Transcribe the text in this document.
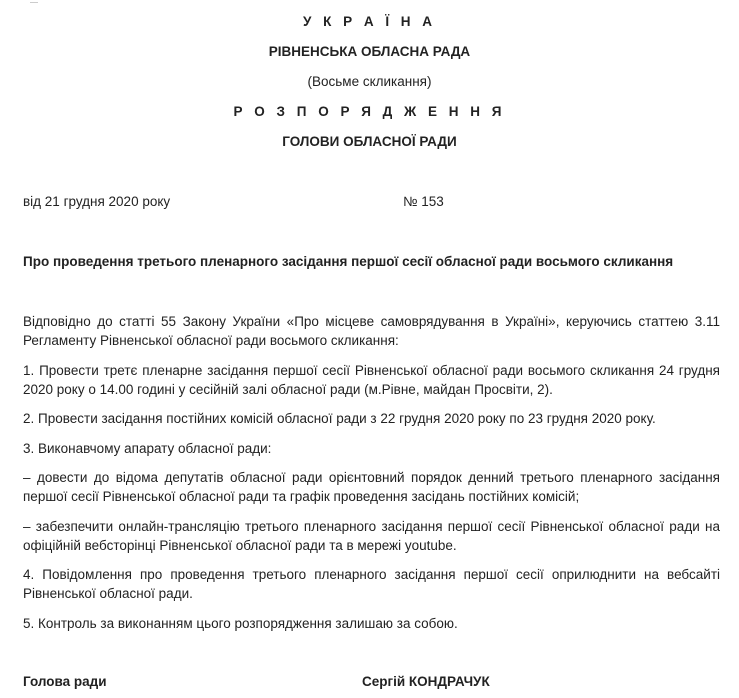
У К Р А Ї Н А
РІВНЕНСЬКА ОБЛАСНА РАДА
(Восьме скликання)
Р О З П О Р Я Д Ж Е Н Н Я
ГОЛОВИ ОБЛАСНОЇ РАДИ
від 21 грудня 2020 року	№ 153
Про проведення третього пленарного засідання першої сесії обласної ради восьмого скликання
Відповідно до статті 55 Закону України «Про місцеве самоврядування в Україні», керуючись статтею 3.11 Регламенту Рівненської обласної ради восьмого скликання:
1. Провести третє пленарне засідання першої сесії Рівненської обласної ради восьмого скликання 24 грудня 2020 року о 14.00 годині у сесійній залі обласної ради (м.Рівне, майдан Просвіти, 2).
2. Провести засідання постійних комісій обласної ради з 22 грудня 2020 року по 23 грудня 2020 року.
3. Виконавчому апарату обласної ради:
– довести до відома депутатів обласної ради орієнтовний порядок денний третього пленарного засідання першої сесії Рівненської обласної ради та графік проведення засідань постійних комісій;
– забезпечити онлайн-трансляцію третього пленарного засідання першої сесії Рівненської обласної ради на офіційній вебсторінці Рівненської обласної ради та в мережі youtube.
4. Повідомлення про проведення третього пленарного засідання першої сесії оприлюднити на вебсайті Рівненської обласної ради.
5. Контроль за виконанням цього розпорядження залишаю за собою.
Голова ради	Сергій КОНДРАЧУК
